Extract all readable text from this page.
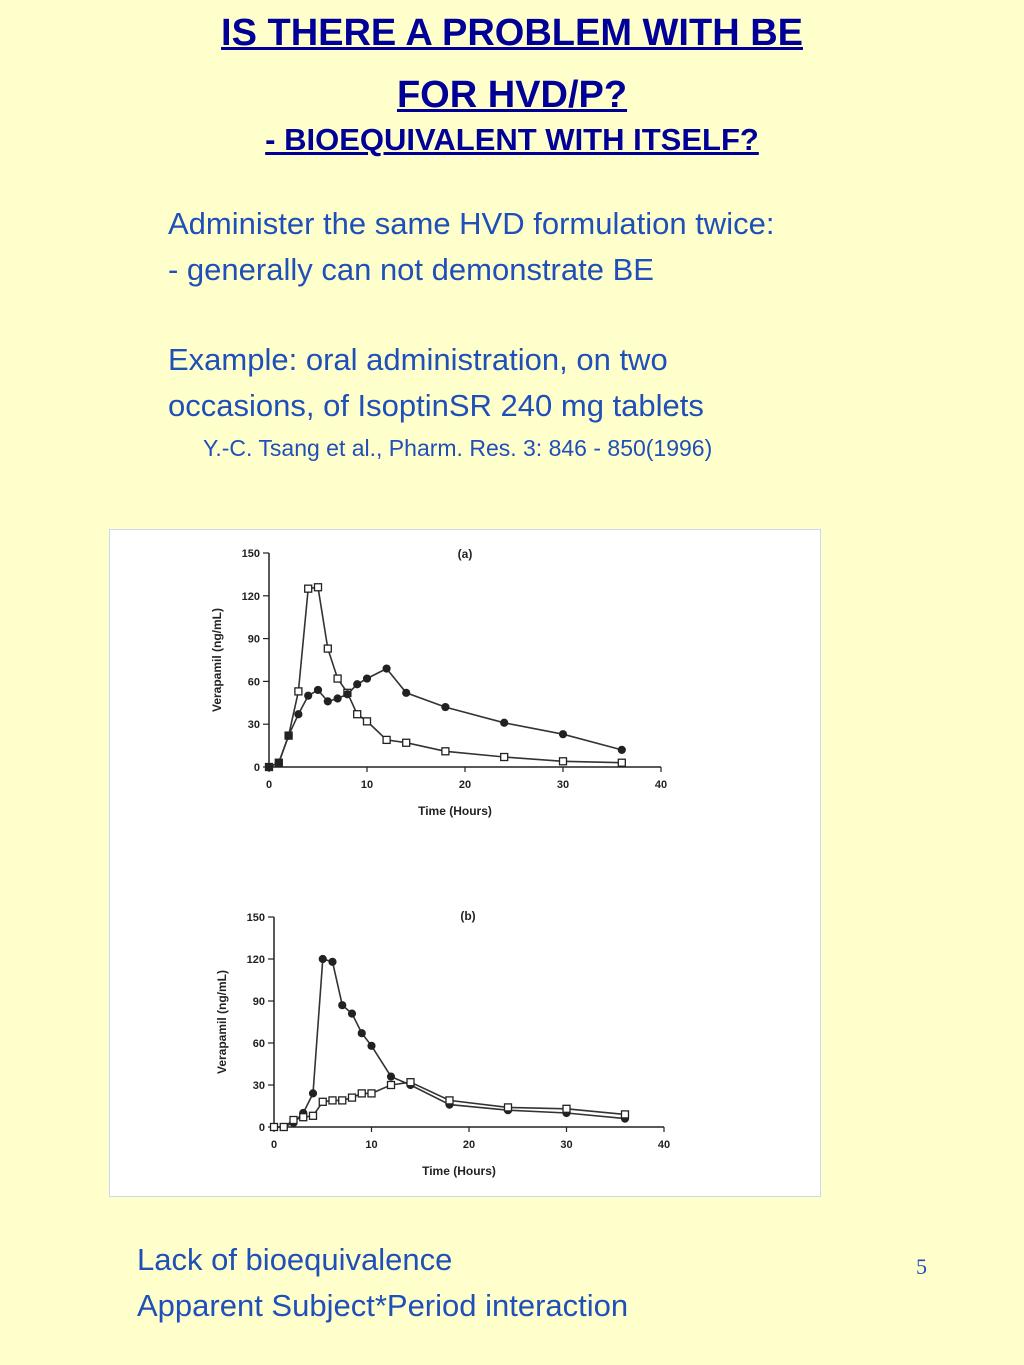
IS THERE A PROBLEM WITH BE
FOR HVD/P?
- BIOEQUIVALENT WITH ITSELF?

Administer the same HVD formulation twice:

- generally can not demonstrate BE

Example: oral administration, on two

occasions, of IsoptinSR 240 mg tablets

Y.-C. Tsang et al., Pharm. Res. 3: 846 - 850(1996)

0
30
60
90
120
150
0	10	20	30	40
Time (Hours)
Verapamil (ng/mL)
(a)
0
30
60
90
120
150
0	10	20	30	40
Time (Hours)
Verapamil (ng/mL)
(b)

Lack of bioequivalence

Apparent Subject*Period interaction

5
